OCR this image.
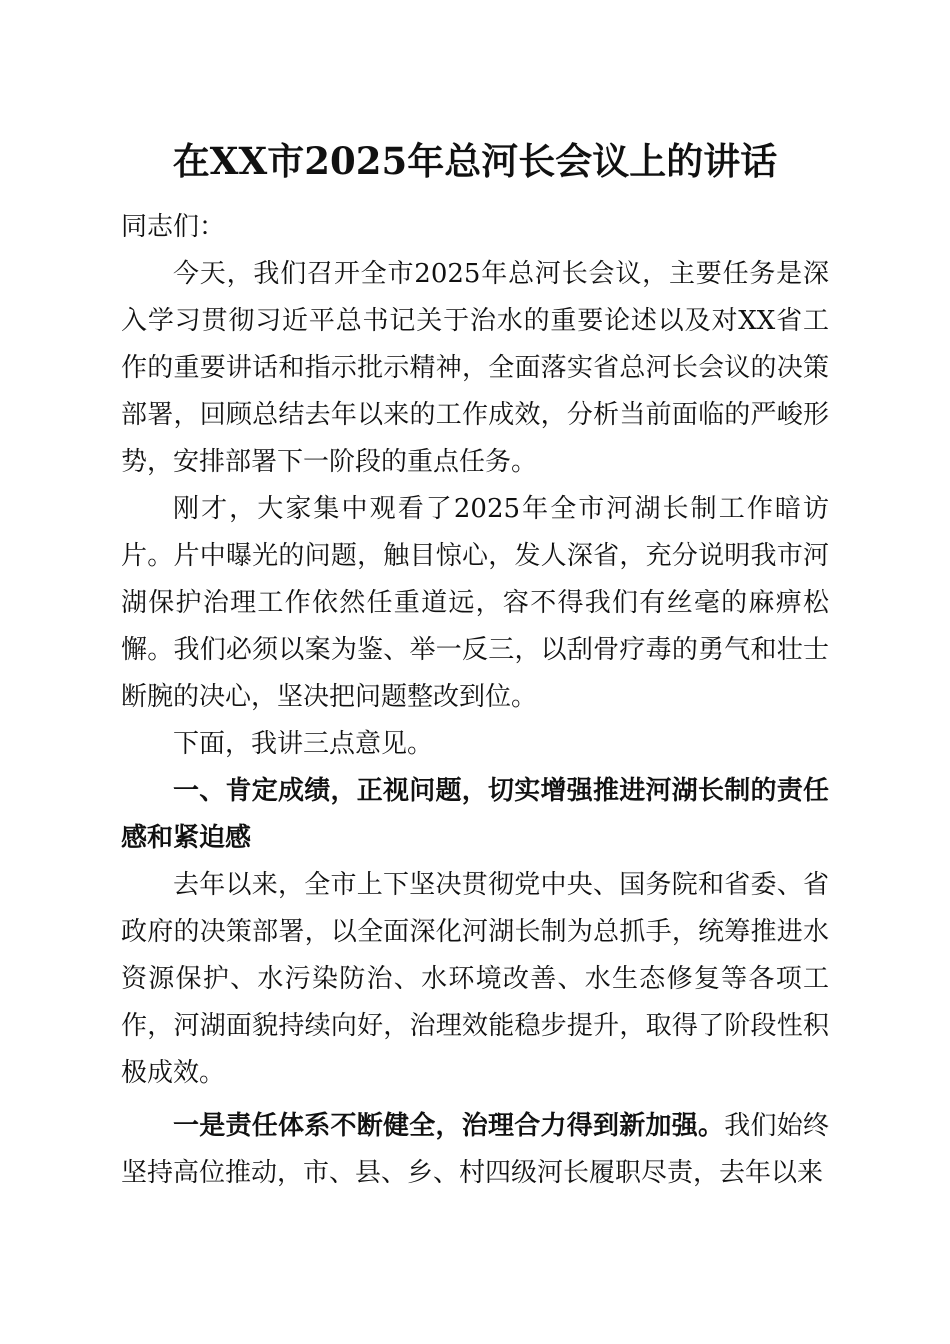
在XX市2025年总河长会议上的讲话

同志们：

今天，我们召开全市2025年总河长会议，主要任务是深入学习贯彻习近平总书记关于治水的重要论述以及对XX省工作的重要讲话和指示批示精神，全面落实省总河长会议的决策部署，回顾总结去年以来的工作成效，分析当前面临的严峻形势，安排部署下一阶段的重点任务。

刚才，大家集中观看了2025年全市河湖长制工作暗访片。片中曝光的问题，触目惊心，发人深省，充分说明我市河湖保护治理工作依然任重道远，容不得我们有丝毫的麻痹松懈。我们必须以案为鉴、举一反三，以刮骨疗毒的勇气和壮士断腕的决心，坚决把问题整改到位。

下面，我讲三点意见。

一、肯定成绩，正视问题，切实增强推进河湖长制的责任感和紧迫感

去年以来，全市上下坚决贯彻党中央、国务院和省委、省政府的决策部署，以全面深化河湖长制为总抓手，统筹推进水资源保护、水污染防治、水环境改善、水生态修复等各项工作，河湖面貌持续向好，治理效能稳步提升，取得了阶段性积极成效。

一是责任体系不断健全，治理合力得到新加强。我们始终坚持高位推动，市、县、乡、村四级河长履职尽责，去年以来
